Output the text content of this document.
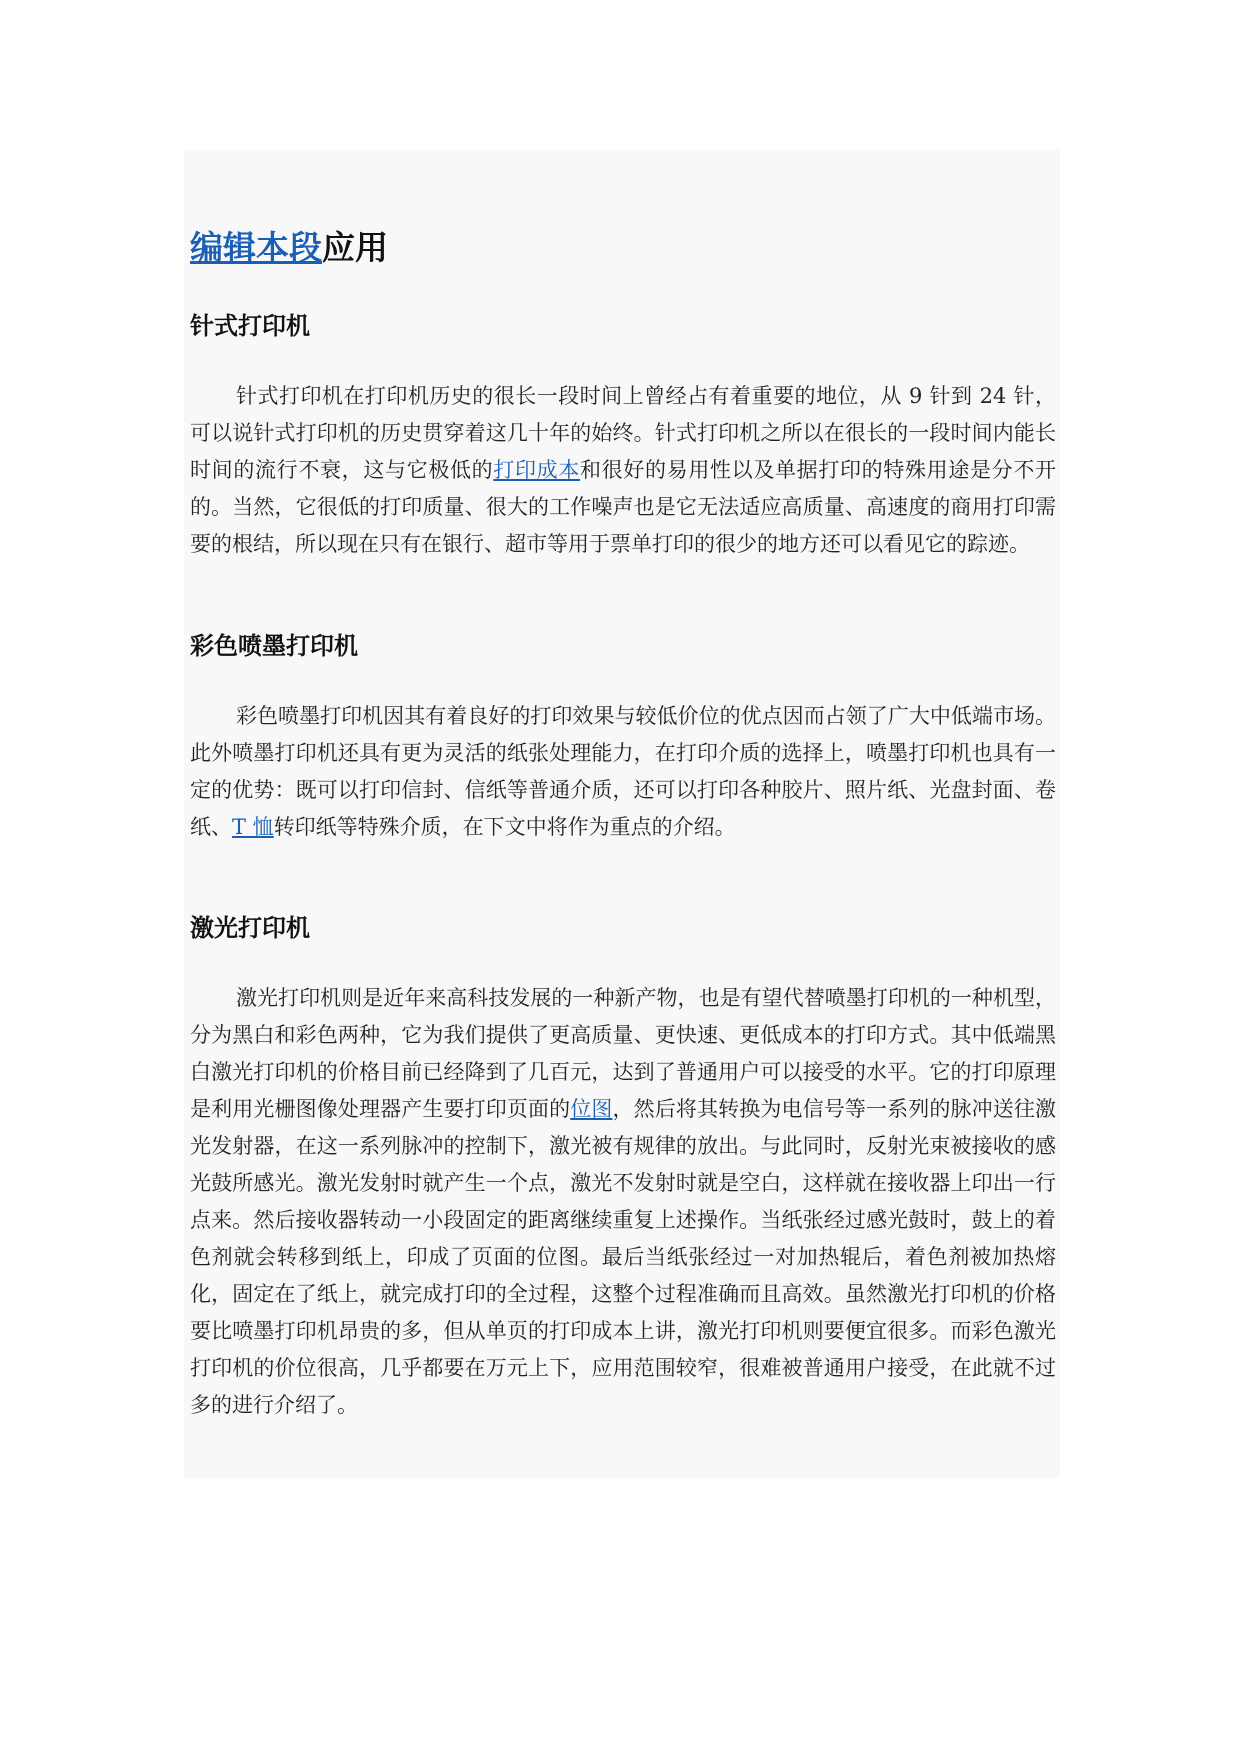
编辑本段应用
针式打印机

针式打印机在打印机历史的很长一段时间上曾经占有着重要的地位，从 9 针到 24 针，可以说针式打印机的历史贯穿着这几十年的始终。针式打印机之所以在很长的一段时间内能长时间的流行不衰，这与它极低的打印成本和很好的易用性以及单据打印的特殊用途是分不开的。当然，它很低的打印质量、很大的工作噪声也是它无法适应高质量、高速度的商用打印需要的根结，所以现在只有在银行、超市等用于票单打印的很少的地方还可以看见它的踪迹。

彩色喷墨打印机

彩色喷墨打印机因其有着良好的打印效果与较低价位的优点因而占领了广大中低端市场。此外喷墨打印机还具有更为灵活的纸张处理能力，在打印介质的选择上，喷墨打印机也具有一定的优势：既可以打印信封、信纸等普通介质，还可以打印各种胶片、照片纸、光盘封面、卷纸、T 恤转印纸等特殊介质，在下文中将作为重点的介绍。

激光打印机

激光打印机则是近年来高科技发展的一种新产物，也是有望代替喷墨打印机的一种机型，分为黑白和彩色两种，它为我们提供了更高质量、更快速、更低成本的打印方式。其中低端黑白激光打印机的价格目前已经降到了几百元，达到了普通用户可以接受的水平。它的打印原理是利用光栅图像处理器产生要打印页面的位图，然后将其转换为电信号等一系列的脉冲送往激光发射器，在这一系列脉冲的控制下，激光被有规律的放出。与此同时，反射光束被接收的感光鼓所感光。激光发射时就产生一个点，激光不发射时就是空白，这样就在接收器上印出一行点来。然后接收器转动一小段固定的距离继续重复上述操作。当纸张经过感光鼓时，鼓上的着色剂就会转移到纸上，印成了页面的位图。最后当纸张经过一对加热辊后，着色剂被加热熔化，固定在了纸上，就完成打印的全过程，这整个过程准确而且高效。虽然激光打印机的价格要比喷墨打印机昂贵的多，但从单页的打印成本上讲，激光打印机则要便宜很多。而彩色激光打印机的价位很高，几乎都要在万元上下，应用范围较窄，很难被普通用户接受，在此就不过多的进行介绍了。
